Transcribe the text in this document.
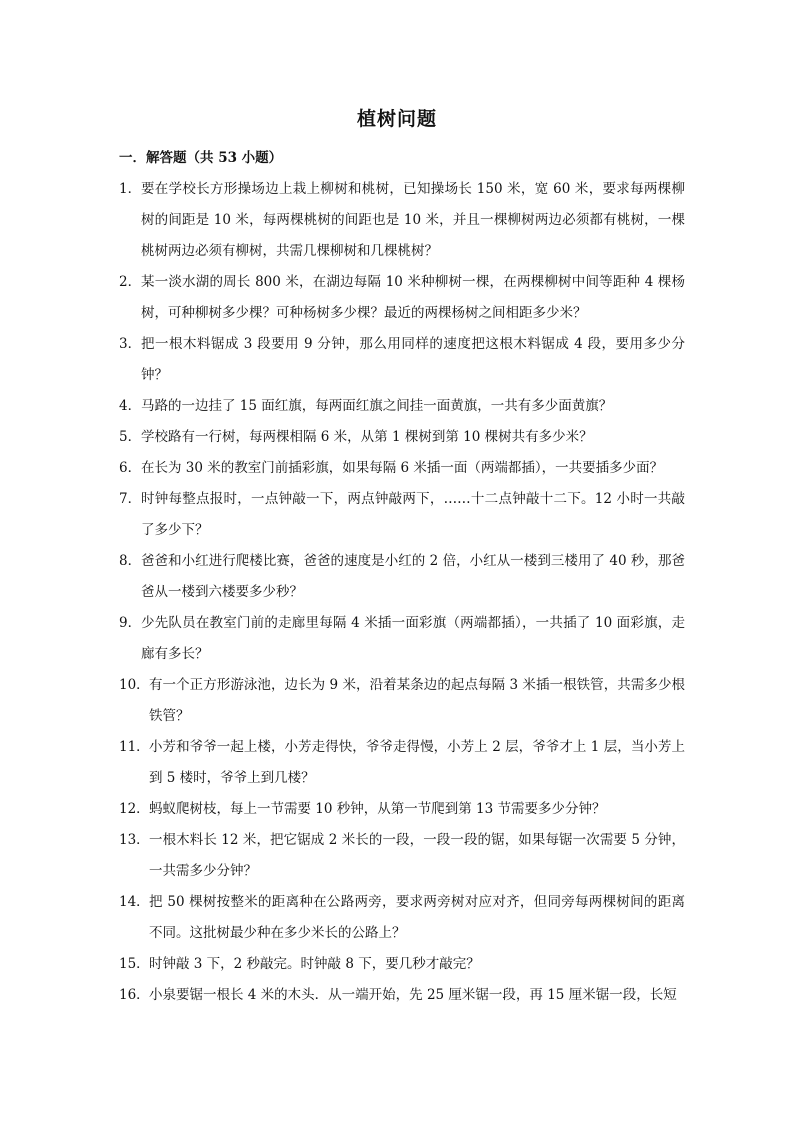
植树问题
一．解答题（共 53 小题）
1． 要在学校长方形操场边上栽上柳树和桃树，已知操场长 150 米，宽 60 米，要求每两棵柳树的间距是 10 米，每两棵桃树的间距也是 10 米，并且一棵柳树两边必须都有桃树，一棵桃树两边必须有柳树，共需几棵柳树和几棵桃树？
2． 某一淡水湖的周长 800 米，在湖边每隔 10 米种柳树一棵，在两棵柳树中间等距种 4 棵杨树，可种柳树多少棵？可种杨树多少棵？最近的两棵杨树之间相距多少米？
3． 把一根木料锯成 3 段要用 9 分钟，那么用同样的速度把这根木料锯成 4 段，要用多少分钟？
4． 马路的一边挂了 15 面红旗，每两面红旗之间挂一面黄旗，一共有多少面黄旗？
5． 学校路有一行树，每两棵相隔 6 米，从第 1 棵树到第 10 棵树共有多少米？
6． 在长为 30 米的教室门前插彩旗，如果每隔 6 米插一面（两端都插），一共要插多少面？
7． 时钟每整点报时，一点钟敲一下，两点钟敲两下，……十二点钟敲十二下。12 小时一共敲了多少下？
8． 爸爸和小红进行爬楼比赛，爸爸的速度是小红的 2 倍，小红从一楼到三楼用了 40 秒，那爸爸从一楼到六楼要多少秒？
9． 少先队员在教室门前的走廊里每隔 4 米插一面彩旗（两端都插），一共插了 10 面彩旗，走廊有多长？
10． 有一个正方形游泳池，边长为 9 米，沿着某条边的起点每隔 3 米插一根铁管，共需多少根铁管？
11． 小芳和爷爷一起上楼，小芳走得快，爷爷走得慢，小芳上 2 层，爷爷才上 1 层，当小芳上到 5 楼时，爷爷上到几楼？
12． 蚂蚁爬树枝，每上一节需要 10 秒钟，从第一节爬到第 13 节需要多少分钟？
13． 一根木料长 12 米，把它锯成 2 米长的一段，一段一段的锯，如果每锯一次需要 5 分钟，一共需多少分钟？
14． 把 50 棵树按整米的距离种在公路两旁，要求两旁树对应对齐，但同旁每两棵树间的距离不同。这批树最少种在多少米长的公路上？
15． 时钟敲 3 下，2 秒敲完。时钟敲 8 下，要几秒才敲完？
16． 小泉要锯一根长 4 米的木头．从一端开始，先 25 厘米锯一段，再 15 厘米锯一段，长短
